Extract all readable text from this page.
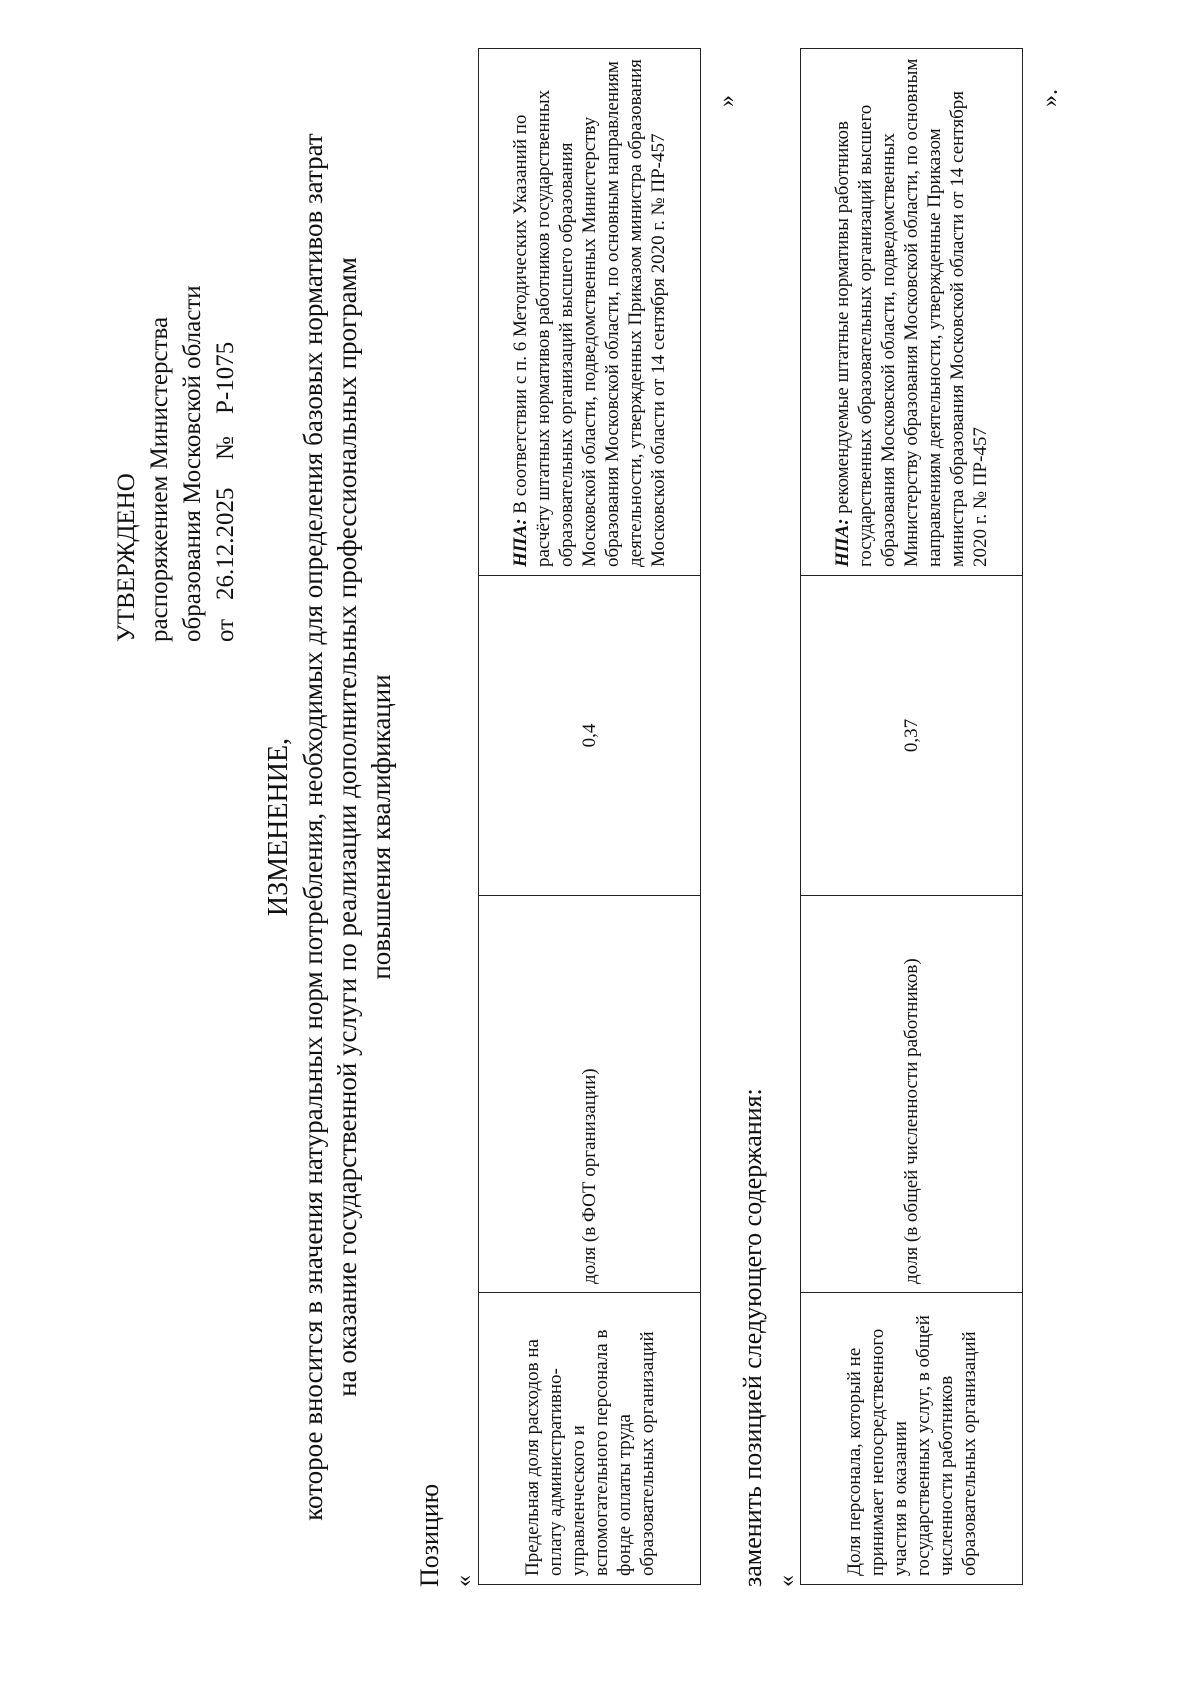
УТВЕРЖДЕНО распоряжением Министерства образования Московской области от26.12.2025№Р-1075
ИЗМЕНЕНИЕ, которое вносится в значения натуральных норм потребления, необходимых для определения базовых нормативов затрат на оказание государственной услуги по реализации дополнительных профессиональных программ повышения квалификации
Позицию «
Предельная доля расходов на оплату административно-управленческого и вспомогательного персонала в фонде оплаты труда образовательных организаций	доля (в ФОТ организации)	0,4	НПА: В соответствии с п. 6 Методических Указаний по расчёту штатных нормативов работников государственных образовательных организаций высшего образования Московской области, подведомственных Министерству образования Московской области, по основным направлениям деятельности, утвержденных Приказом министра образования Московской области от 14 сентября 2020 г. № ПР-457
»
заменить позицией следующего содержания: «
Доля персонала, который не принимает непосредственного участия в оказании государственных услуг, в общей численности работников образовательных организаций	доля (в общей численности работников)	0,37	НПА: рекомендуемые штатные нормативы работников государственных образовательных организаций высшего образования Московской области, подведомственных Министерству образования Московской области, по основным направлениям деятельности, утвержденные Приказом министра образования Московской области от 14 сентября 2020 г. № ПР-457
».
